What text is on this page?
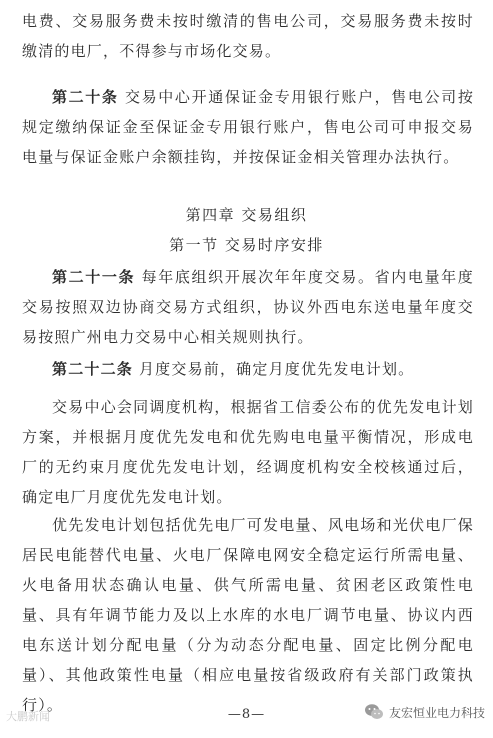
电费、交易服务费未按时缴清的售电公司，交易服务费未按时缴清的电厂，不得参与市场化交易。

第二十条 交易中心开通保证金专用银行账户，售电公司按规定缴纳保证金至保证金专用银行账户，售电公司可申报交易电量与保证金账户余额挂钩，并按保证金相关管理办法执行。

第四章 交易组织

第一节 交易时序安排

第二十一条 每年底组织开展次年年度交易。省内电量年度交易按照双边协商交易方式组织，协议外西电东送电量年度交易按照广州电力交易中心相关规则执行。

第二十二条 月度交易前，确定月度优先发电计划。

交易中心会同调度机构，根据省工信委公布的优先发电计划方案，并根据月度优先发电和优先购电电量平衡情况，形成电厂的无约束月度优先发电计划，经调度机构安全校核通过后，确定电厂月度优先发电计划。

优先发电计划包括优先电厂可发电量、风电场和光伏电厂保居民电能替代电量、火电厂保障电网安全稳定运行所需电量、火电备用状态确认电量、供气所需电量、贫困老区政策性电量、具有年调节能力及以上水库的水电厂调节电量、协议内西电东送计划分配电量（分为动态分配电量、固定比例分配电量）、其他政策性电量（相应电量按省级政府有关部门政策执行）。

—8—
大鹏新闻	友宏恒业电力科技
